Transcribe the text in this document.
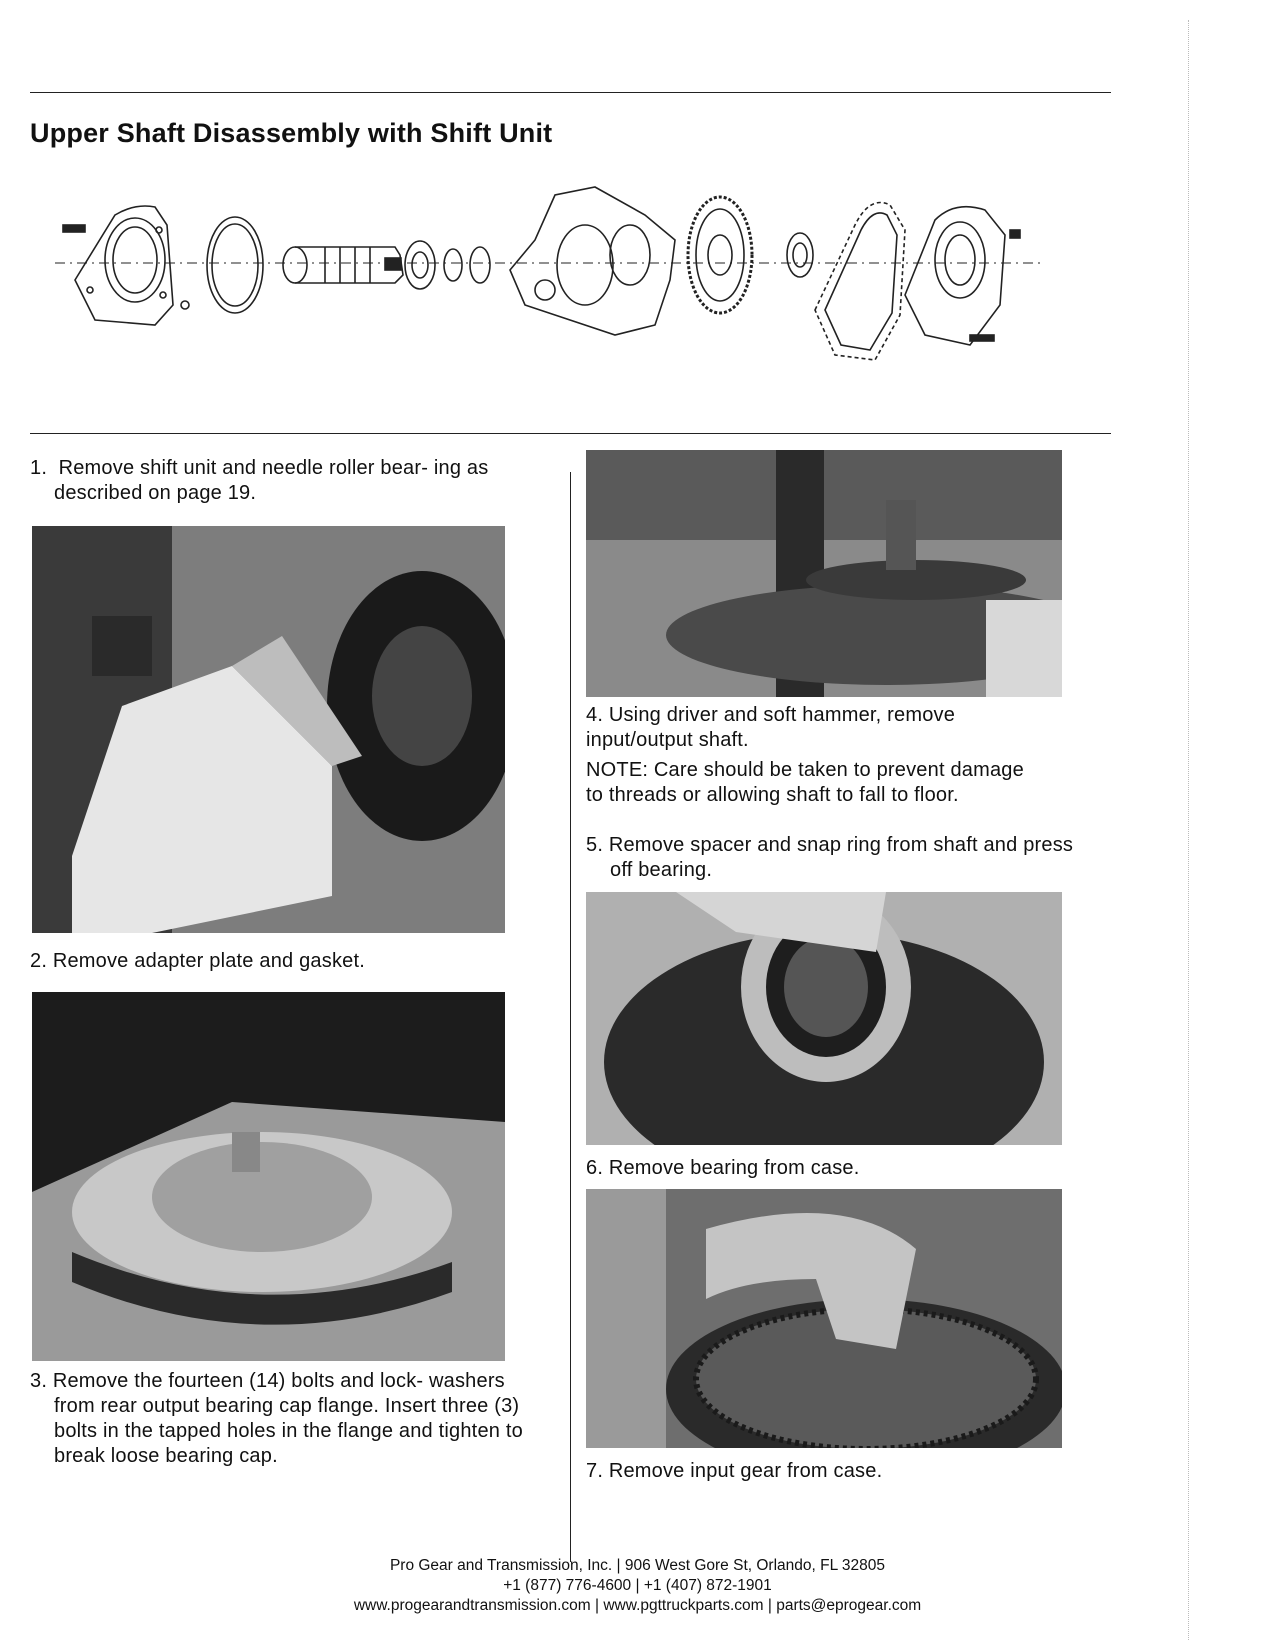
Upper Shaft Disassembly with Shift Unit
1.  Remove shift unit and needle roller bear- ing as described on page 19.
2. Remove adapter plate and gasket.
3. Remove the fourteen (14) bolts and lock- washers from rear output bearing cap flange. Insert three (3) bolts in the tapped holes in the flange and tighten to break loose bearing cap.
4. Using driver and soft hammer, remove input/output shaft.
NOTE: Care should be taken to prevent damage to threads or allowing shaft to fall to floor.
5. Remove spacer and snap ring from shaft and press off bearing.
6. Remove bearing from case.
7. Remove input gear from case.
Pro Gear and Transmission, Inc. | 906 West Gore St, Orlando, FL 32805
+1 (877) 776-4600 | +1 (407) 872-1901
www.progearandtransmission.com | www.pgttruckparts.com | parts@eprogear.com
